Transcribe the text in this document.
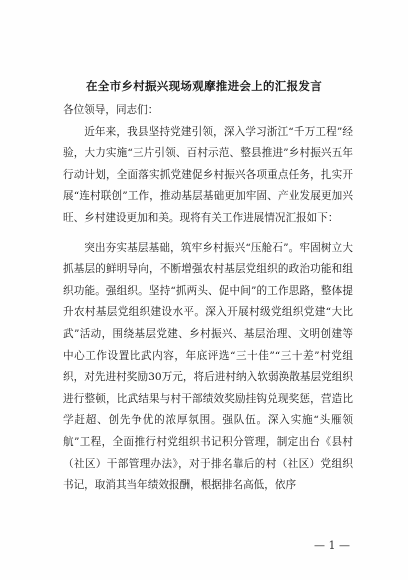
在全市乡村振兴现场观摩推进会上的汇报发言

各位领导，同志们：

近年来，我县坚持党建引领，深入学习浙江“千万工程”经验，大力实施“三片引领、百村示范、整县推进”乡村振兴五年行动计划，全面落实抓党建促乡村振兴各项重点任务，扎实开展“连村联创”工作，推动基层基础更加牢固、产业发展更加兴旺、乡村建设更加和美。现将有关工作进展情况汇报如下：

突出夯实基层基础，筑牢乡村振兴“压舱石”。牢固树立大抓基层的鲜明导向，不断增强农村基层党组织的政治功能和组织功能。强组织。坚持“抓两头、促中间”的工作思路，整体提升农村基层党组织建设水平。深入开展村级党组织党建“大比武”活动，围绕基层党建、乡村振兴、基层治理、文明创建等中心工作设置比武内容，年底评选“三十佳”“三十差”村党组织，对先进村奖励30万元，将后进村纳入软弱涣散基层党组织进行整顿，比武结果与村干部绩效奖励挂钩兑现奖惩，营造比学赶超、创先争优的浓厚氛围。强队伍。深入实施“头雁领航”工程，全面推行村党组织书记积分管理，制定出台《县村（社区）干部管理办法》，对于排名靠后的村（社区）党组织书记，取消其当年绩效报酬，根据排名高低，依序

— 1 —
